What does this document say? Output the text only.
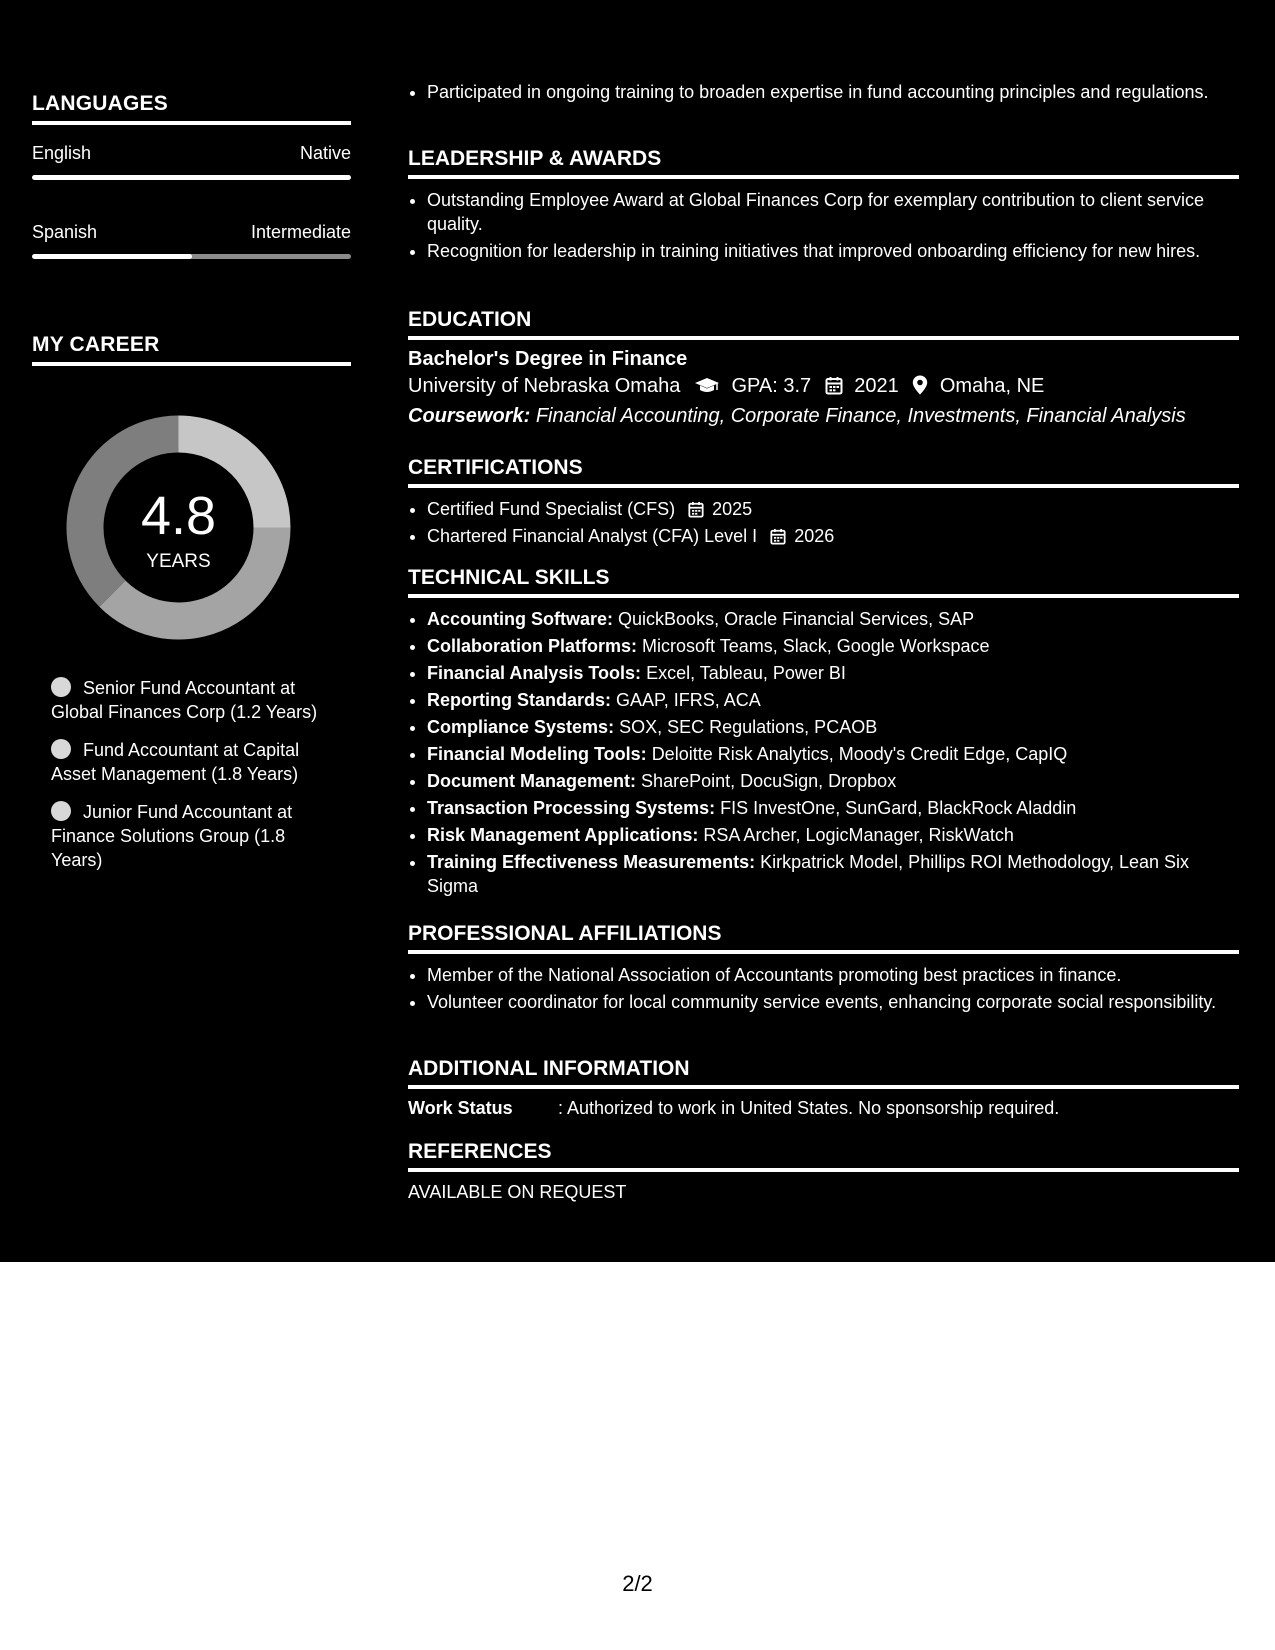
LANGUAGES
English	Native
Spanish	Intermediate
MY CAREER
4.8
YEARS
Senior Fund Accountant at Global Finances Corp (1.2 Years)
Fund Accountant at Capital Asset Management (1.8 Years)
Junior Fund Accountant at Finance Solutions Group (1.8 Years)
• Participated in ongoing training to broaden expertise in fund accounting principles and regulations.
LEADERSHIP & AWARDS
• Outstanding Employee Award at Global Finances Corp for exemplary contribution to client service quality.
• Recognition for leadership in training initiatives that improved onboarding efficiency for new hires.
EDUCATION
Bachelor's Degree in Finance
University of Nebraska Omaha	GPA: 3.7 2021 Omaha, NE
Coursework: Financial Accounting, Corporate Finance, Investments, Financial Analysis
CERTIFICATIONS
• Certified Fund Specialist (CFS) 2025
• Chartered Financial Analyst (CFA) Level I 2026
TECHNICAL SKILLS
• Accounting Software: QuickBooks, Oracle Financial Services, SAP
• Collaboration Platforms: Microsoft Teams, Slack, Google Workspace
• Financial Analysis Tools: Excel, Tableau, Power BI
• Reporting Standards: GAAP, IFRS, ACA
• Compliance Systems: SOX, SEC Regulations, PCAOB
• Financial Modeling Tools: Deloitte Risk Analytics, Moody's Credit Edge, CapIQ
• Document Management: SharePoint, DocuSign, Dropbox
• Transaction Processing Systems: FIS InvestOne, SunGard, BlackRock Aladdin
• Risk Management Applications: RSA Archer, LogicManager, RiskWatch
• Training Effectiveness Measurements: Kirkpatrick Model, Phillips ROI Methodology, Lean Six Sigma
PROFESSIONAL AFFILIATIONS
• Member of the National Association of Accountants promoting best practices in finance.
• Volunteer coordinator for local community service events, enhancing corporate social responsibility.
ADDITIONAL INFORMATION
Work Status	: Authorized to work in United States. No sponsorship required.
REFERENCES
AVAILABLE ON REQUEST
2/2
